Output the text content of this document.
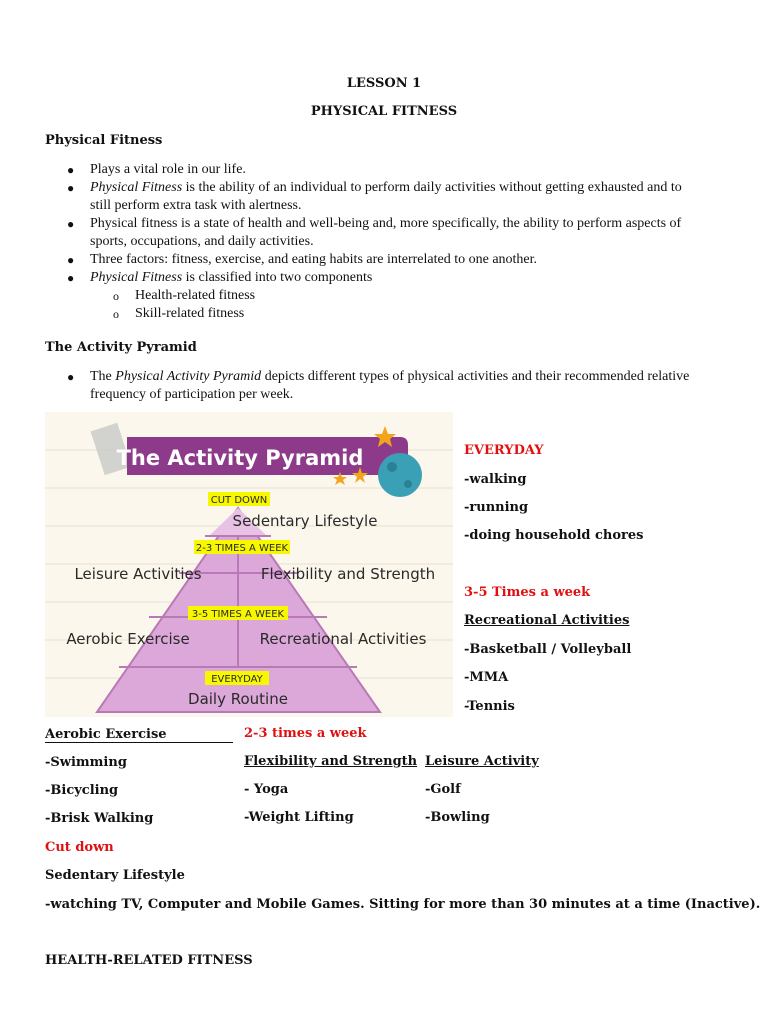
LESSON 1
PHYSICAL FITNESS
Physical Fitness
● Plays a vital role in our life.
● Physical Fitness is the ability of an individual to perform daily activities without getting exhausted and to
still perform extra task with alertness.
● Physical fitness is a state of health and well-being and, more specifically, the ability to perform aspects of
sports, occupations, and daily activities.
● Three factors: fitness, exercise, and eating habits are interrelated to one another.
● Physical Fitness is classified into two components
o Health-related fitness
o Skill-related fitness
The Activity Pyramid
● The Physical Activity Pyramid depicts different types of physical activities and their recommended relative
frequency of participation per week.
The Activity Pyramid
CUT DOWN
Sedentary Lifestyle
2-3 TIMES A WEEK
Leisure Activities	Flexibility and Strength
3-5 TIMES A WEEK
Aerobic Exercise	Recreational Activities
EVERYDAY
Daily Routine
EVERYDAY
-walking
-running
-doing household chores
3-5 Times a week
Recreational Activities
-Basketball / Volleyball
-MMA
-Tennis
Aerobic Exercise
-Swimming
-Bicycling
-Brisk Walking
2-3 times a week
Flexibility and Strength
- Yoga
-Weight Lifting
Leisure Activity
-Golf
-Bowling
Cut down
Sedentary Lifestyle
-watching TV, Computer and Mobile Games. Sitting for more than 30 minutes at a time (Inactive).
HEALTH-RELATED FITNESS
